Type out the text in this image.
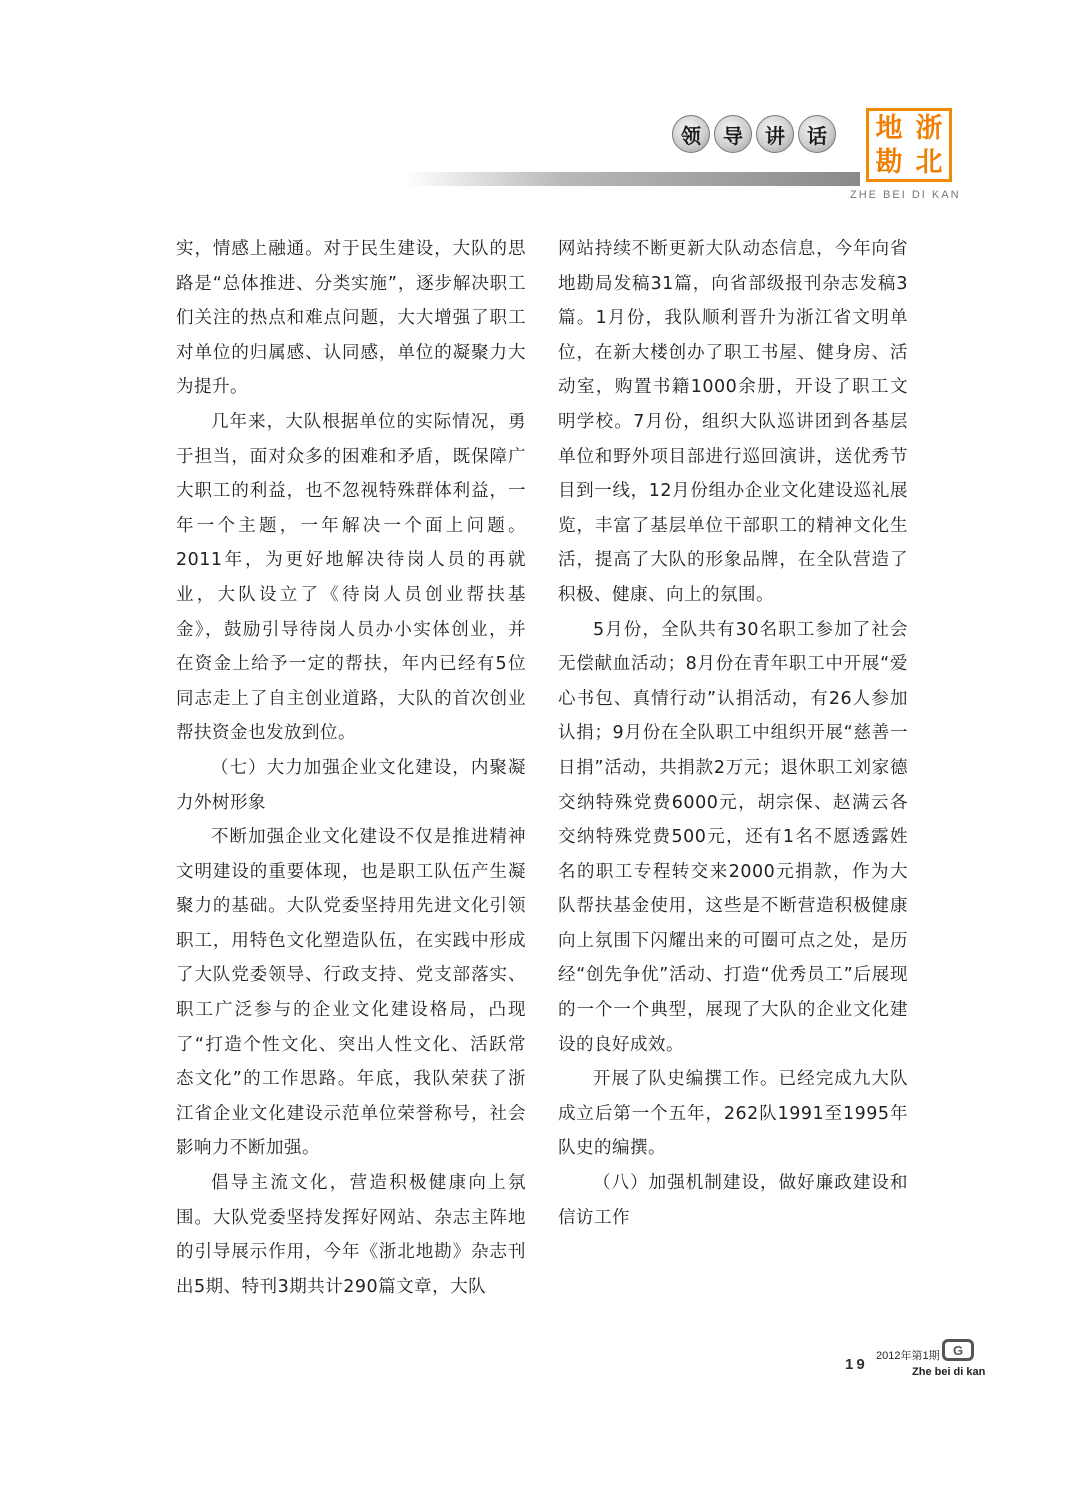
领	导	讲	话	地 浙
勘 北
ZHE BEI DI KAN

实，情感上融通。对于民生建设，大队的思路是“总体推进、分类实施”，逐步解决职工们关注的热点和难点问题，大大增强了职工对单位的归属感、认同感，单位的凝聚力大为提升。

几年来，大队根据单位的实际情况，勇于担当，面对众多的困难和矛盾，既保障广大职工的利益，也不忽视特殊群体利益，一年一个主题，一年解决一个面上问题。2011年，为更好地解决待岗人员的再就业，大队设立了《待岗人员创业帮扶基金》，鼓励引导待岗人员办小实体创业，并在资金上给予一定的帮扶，年内已经有5位同志走上了自主创业道路，大队的首次创业帮扶资金也发放到位。

（七）大力加强企业文化建设，内聚凝力外树形象

不断加强企业文化建设不仅是推进精神文明建设的重要体现，也是职工队伍产生凝聚力的基础。大队党委坚持用先进文化引领职工，用特色文化塑造队伍，在实践中形成了大队党委领导、行政支持、党支部落实、职工广泛参与的企业文化建设格局，凸现了“打造个性文化、突出人性文化、活跃常态文化”的工作思路。年底，我队荣获了浙江省企业文化建设示范单位荣誉称号，社会影响力不断加强。

倡导主流文化，营造积极健康向上氛围。大队党委坚持发挥好网站、杂志主阵地的引导展示作用，今年《浙北地勘》杂志刊出5期、特刊3期共计290篇文章，大队

网站持续不断更新大队动态信息，今年向省地勘局发稿31篇，向省部级报刊杂志发稿3篇。1月份，我队顺利晋升为浙江省文明单位，在新大楼创办了职工书屋、健身房、活动室，购置书籍1000余册，开设了职工文明学校。7月份，组织大队巡讲团到各基层单位和野外项目部进行巡回演讲，送优秀节目到一线，12月份组办企业文化建设巡礼展览，丰富了基层单位干部职工的精神文化生活，提高了大队的形象品牌，在全队营造了积极、健康、向上的氛围。

5月份，全队共有30名职工参加了社会无偿献血活动；8月份在青年职工中开展“爱心书包、真情行动”认捐活动，有26人参加认捐；9月份在全队职工中组织开展“慈善一日捐”活动，共捐款2万元；退休职工刘家德交纳特殊党费6000元，胡宗保、赵满云各交纳特殊党费500元，还有1名不愿透露姓名的职工专程转交来2000元捐款，作为大队帮扶基金使用，这些是不断营造积极健康向上氛围下闪耀出来的可圈可点之处，是历经“创先争优”活动、打造“优秀员工”后展现的一个一个典型，展现了大队的企业文化建设的良好成效。

开展了队史编撰工作。已经完成九大队成立后第一个五年，262队1991至1995年队史的编撰。

（八）加强机制建设，做好廉政建设和信访工作

19 2012年第1期
Zhe bei di kan
G
